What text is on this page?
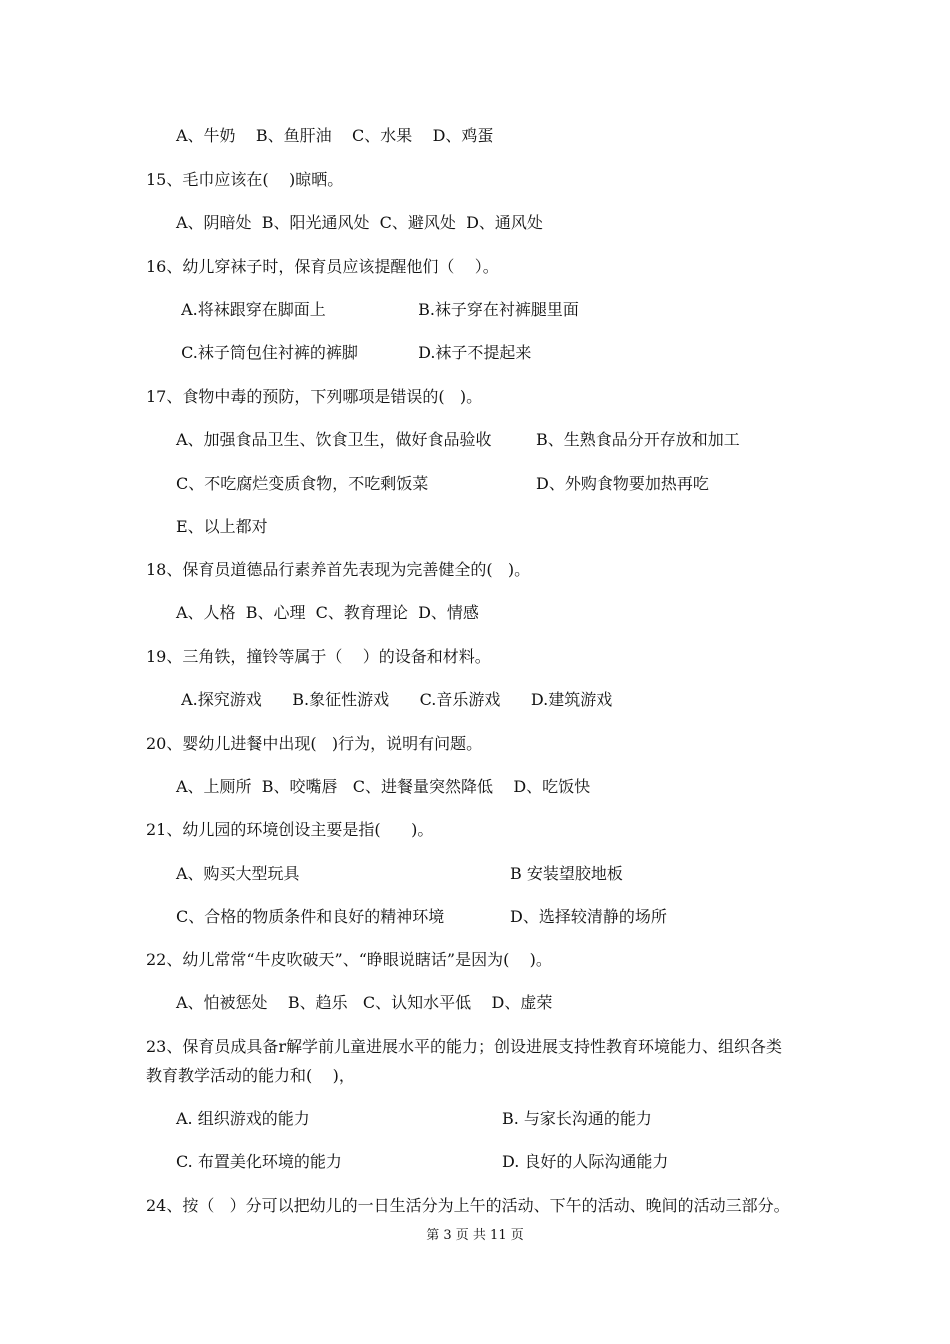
A、牛奶    B、鱼肝油    C、水果    D、鸡蛋
15、毛巾应该在(    )晾晒。
A、阴暗处  B、阳光通风处  C、避风处  D、通风处
16、幼儿穿袜子时，保育员应该提醒他们（    ）。
A.将袜跟穿在脚面上	B.袜子穿在衬裤腿里面
C.袜子筒包住衬裤的裤脚	D.袜子不提起来
17、食物中毒的预防，下列哪项是错误的(   )。
A、加强食品卫生、饮食卫生，做好食品验收	B、生熟食品分开存放和加工
C、不吃腐烂变质食物，不吃剩饭菜	D、外购食物要加热再吃
E、以上都对
18、保育员道德品行素养首先表现为完善健全的(   )。
A、人格  B、心理  C、教育理论  D、情感
19、三角铁，撞铃等属于（    ）的设备和材料。
A.探究游戏      B.象征性游戏      C.音乐游戏      D.建筑游戏
20、婴幼儿进餐中出现(   )行为，说明有问题。
A、上厕所  B、咬嘴唇   C、进餐量突然降低    D、吃饭快
21、幼儿园的环境创设主要是指(      )。
A、购买大型玩具	B 安装望胶地板
C、合格的物质条件和良好的精神环境	D、选择较清静的场所
22、幼儿常常“牛皮吹破天”、“睁眼说瞎话”是因为(    )。
A、怕被惩处    B、趋乐   C、认知水平低    D、虚荣
23、保育员成具备r解学前儿童进展水平的能力；创设进展支持性教育环境能力、组织各类
教育教学活动的能力和(    )，
A. 组织游戏的能力	B. 与家长沟通的能力
C. 布置美化环境的能力	D. 良好的人际沟通能力
24、按（   ）分可以把幼儿的一日生活分为上午的活动、下午的活动、晚间的活动三部分。
第 3 页 共 11 页
